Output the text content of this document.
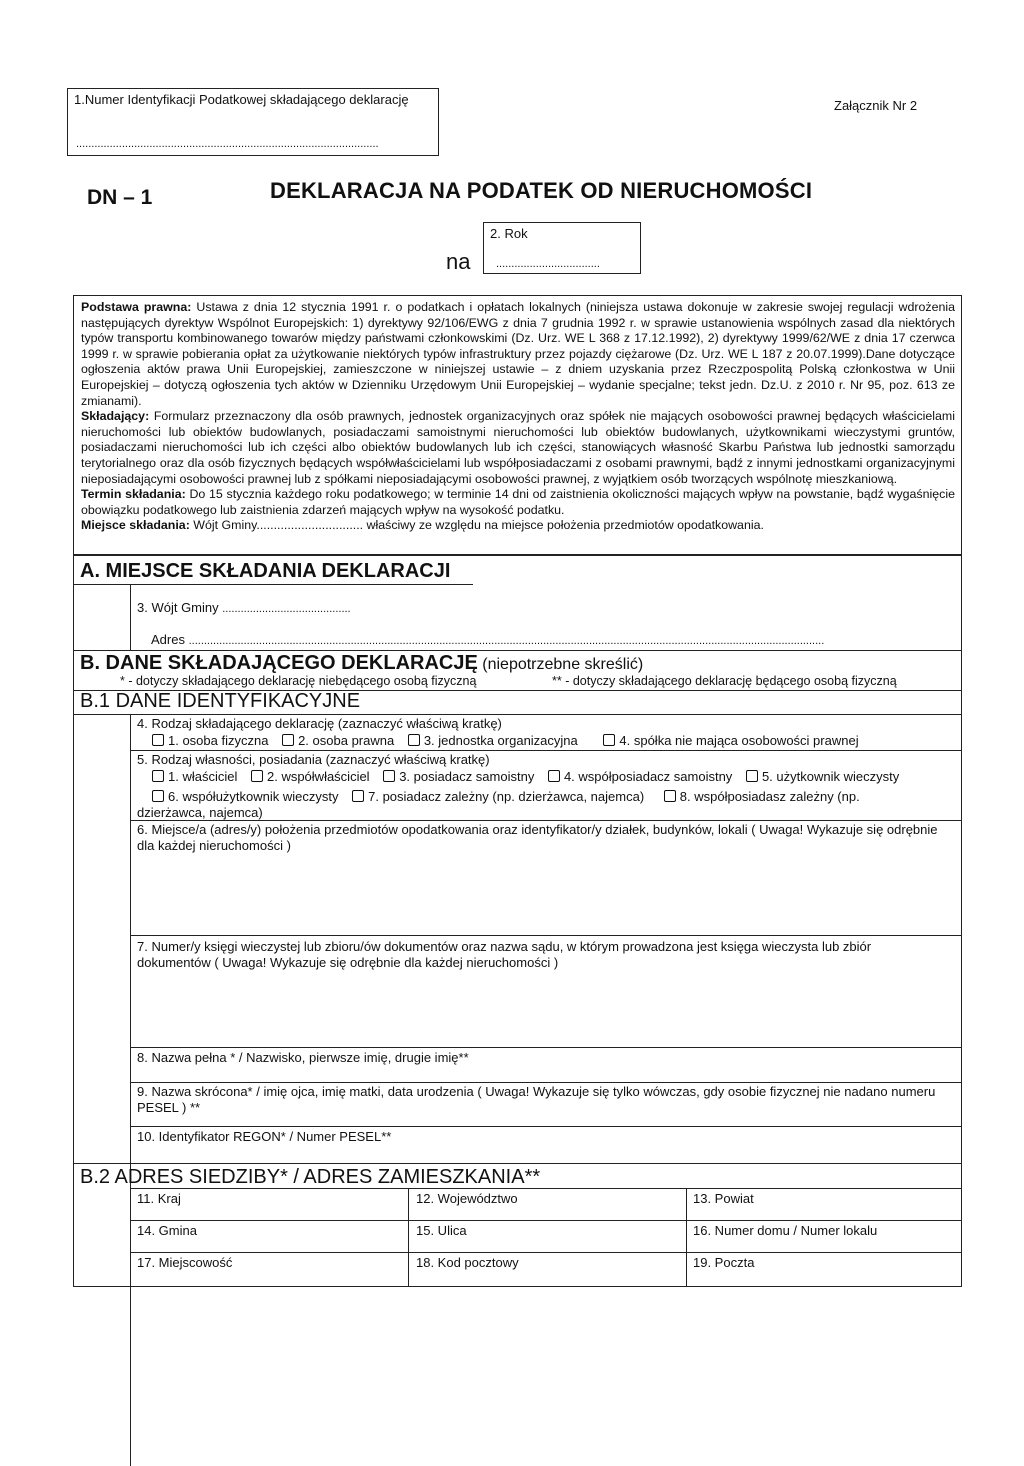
1.Numer Identyfikacji Podatkowej składającego deklarację
...................................................................................................
Załącznik Nr 2
DN – 1	DEKLARACJA NA PODATEK OD NIERUCHOMOŚCI
na
2. Rok
..................................

Podstawa prawna: Ustawa z dnia 12 stycznia 1991 r. o podatkach i opłatach lokalnych (niniejsza ustawa dokonuje w zakresie swojej regulacji wdrożenia następujących dyrektyw Wspólnot Europejskich: 1) dyrektywy 92/106/EWG z dnia 7 grudnia 1992 r. w sprawie ustanowienia wspólnych zasad dla niektórych typów transportu kombinowanego towarów między państwami członkowskimi (Dz. Urz. WE L 368 z 17.12.1992), 2) dyrektywy 1999/62/WE z dnia 17 czerwca 1999 r. w sprawie pobierania opłat za użytkowanie niektórych typów infrastruktury przez pojazdy ciężarowe (Dz. Urz. WE L 187 z 20.07.1999).Dane dotyczące ogłoszenia aktów prawa Unii Europejskiej, zamieszczone w niniejszej ustawie – z dniem uzyskania przez Rzeczpospolitą Polską członkostwa w Unii Europejskiej – dotyczą ogłoszenia tych aktów w Dzienniku Urzędowym Unii Europejskiej – wydanie specjalne; tekst jedn. Dz.U. z 2010 r. Nr 95, poz. 613 ze zmianami).

Składający: Formularz przeznaczony dla osób prawnych, jednostek organizacyjnych oraz spółek nie mających osobowości prawnej będących właścicielami nieruchomości lub obiektów budowlanych, posiadaczami samoistnymi nieruchomości lub obiektów budowlanych, użytkownikami wieczystymi gruntów, posiadaczami nieruchomości lub ich części albo obiektów budowlanych lub ich części, stanowiących własność Skarbu Państwa lub jednostki samorządu terytorialnego oraz dla osób fizycznych będących współwłaścicielami lub współposiadaczami z osobami prawnymi, bądź z innymi jednostkami organizacyjnymi nieposiadającymi osobowości prawnej lub z spółkami nieposiadającymi osobowości prawnej, z wyjątkiem osób tworzących wspólnotę mieszkaniową.

Termin składania: Do 15 stycznia każdego roku podatkowego; w terminie 14 dni od zaistnienia okoliczności mających wpływ na powstanie, bądź wygaśnięcie obowiązku podatkowego lub zaistnienia zdarzeń mających wpływ na wysokość podatku.

Miejsce składania: Wójt Gminy............................... właściwy ze względu na miejsce położenia przedmiotów opodatkowania.

A. MIEJSCE SKŁADANIA DEKLARACJI
3. Wójt Gminy ..........................................
Adres ................................................................................................................................................................................................................
B. DANE SKŁADAJĄCEGO DEKLARACJĘ (niepotrzebne skreślić)
* - dotyczy składającego deklarację niebędącego osobą fizyczną	** - dotyczy składającego deklarację będącego osobą fizyczną
B.1 DANE IDENTYFIKACYJNE
4. Rodzaj składającego deklarację (zaznaczyć właściwą kratkę)
1. osoba fizyczna 2. osoba prawna 3. jednostka organizacyjna	4. spółka nie mająca osobowości prawnej
5. Rodzaj własności, posiadania (zaznaczyć właściwą kratkę)
1. właściciel 2. współwłaściciel 3. posiadacz samoistny 4. współposiadacz samoistny 5. użytkownik wieczysty
6. współużytkownik wieczysty 7. posiadacz zależny (np. dzierżawca, najemca)	8. współposiadasz zależny (np.
dzierżawca, najemca)
6. Miejsce/a (adres/y) położenia przedmiotów opodatkowania oraz identyfikator/y działek, budynków, lokali ( Uwaga! Wykazuje się odrębnie dla każdej nieruchomości )
7. Numer/y księgi wieczystej lub zbioru/ów dokumentów oraz nazwa sądu, w którym prowadzona jest księga wieczysta lub zbiór dokumentów ( Uwaga! Wykazuje się odrębnie dla każdej nieruchomości )
8. Nazwa pełna * / Nazwisko, pierwsze imię, drugie imię**
9. Nazwa skrócona* / imię ojca, imię matki, data urodzenia ( Uwaga! Wykazuje się tylko wówczas, gdy osobie fizycznej nie nadano numeru PESEL ) **
10. Identyfikator REGON* / Numer PESEL**
B.2 ADRES SIEDZIBY* / ADRES ZAMIESZKANIA**
11. Kraj	12. Województwo	13. Powiat
14. Gmina	15. Ulica	16. Numer domu / Numer lokalu
17. Miejscowość	18. Kod pocztowy	19. Poczta
